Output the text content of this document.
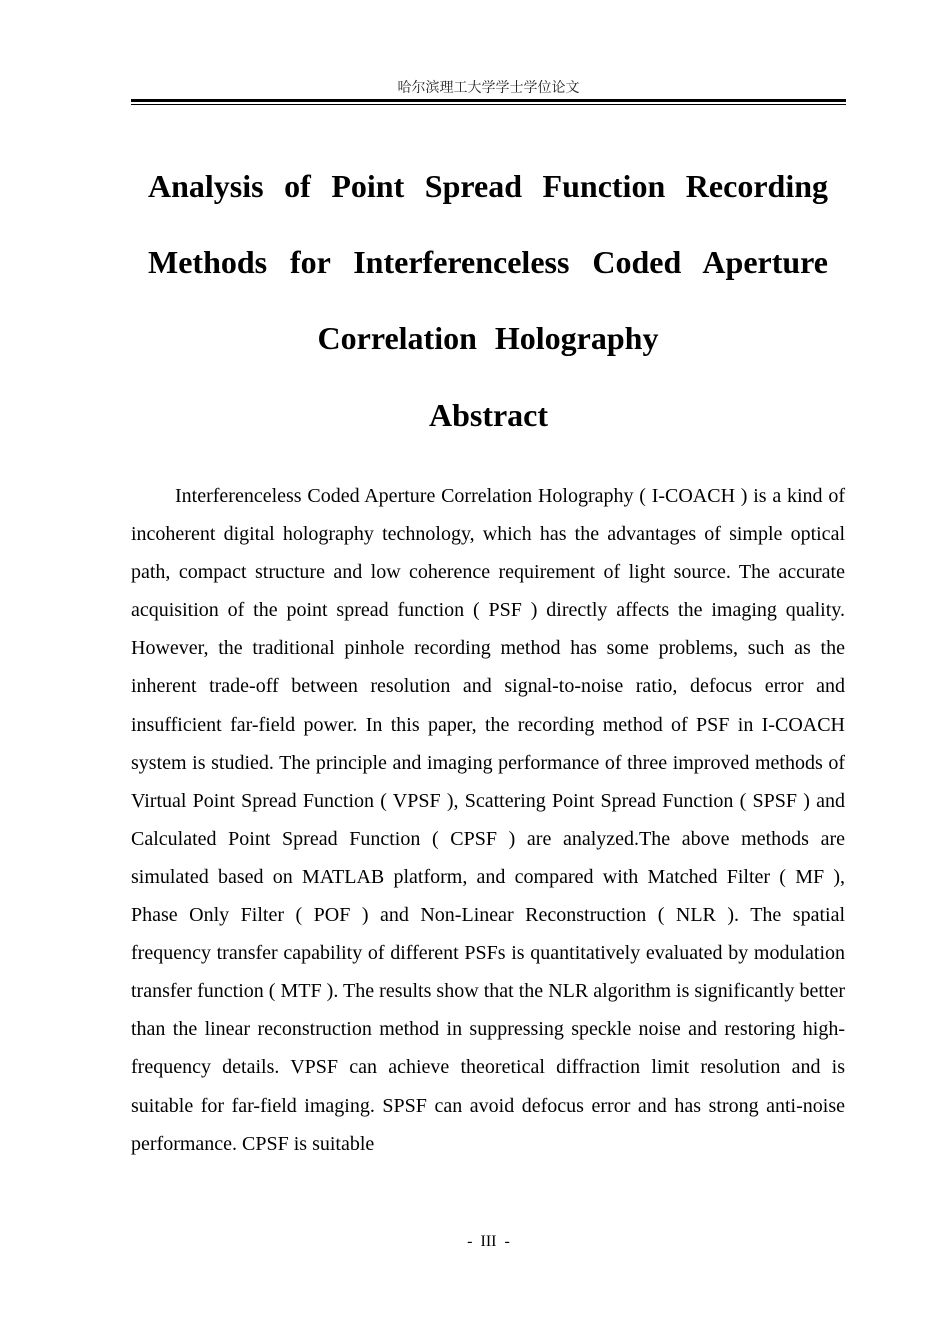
哈尔滨理工大学学士学位论文
Analysis of Point Spread Function Recording Methods for Interferenceless Coded Aperture Correlation Holography
Abstract

Interferenceless Coded Aperture Correlation Holography ( I-COACH ) is a kind of incoherent digital holography technology, which has the advantages of simple optical path, compact structure and low coherence requirement of light source. The accurate acquisition of the point spread function ( PSF ) directly affects the imaging quality. However, the traditional pinhole recording method has some problems, such as the inherent trade-off between resolution and signal-to-noise ratio, defocus error and insufficient far-field power. In this paper, the recording method of PSF in I-COACH system is studied. The principle and imaging performance of three improved methods of Virtual Point Spread Function ( VPSF ), Scattering Point Spread Function ( SPSF ) and Calculated Point Spread Function ( CPSF ) are analyzed.The above methods are simulated based on MATLAB platform, and compared with Matched Filter ( MF ), Phase Only Filter ( POF ) and Non-Linear Reconstruction ( NLR ). The spatial frequency transfer capability of different PSFs is quantitatively evaluated by modulation transfer function ( MTF ). The results show that the NLR algorithm is significantly better than the linear reconstruction method in suppressing speckle noise and restoring high-frequency details. VPSF can achieve theoretical diffraction limit resolution and is suitable for far-field imaging. SPSF can avoid defocus error and has strong anti-noise performance. CPSF is suitable

- III -
